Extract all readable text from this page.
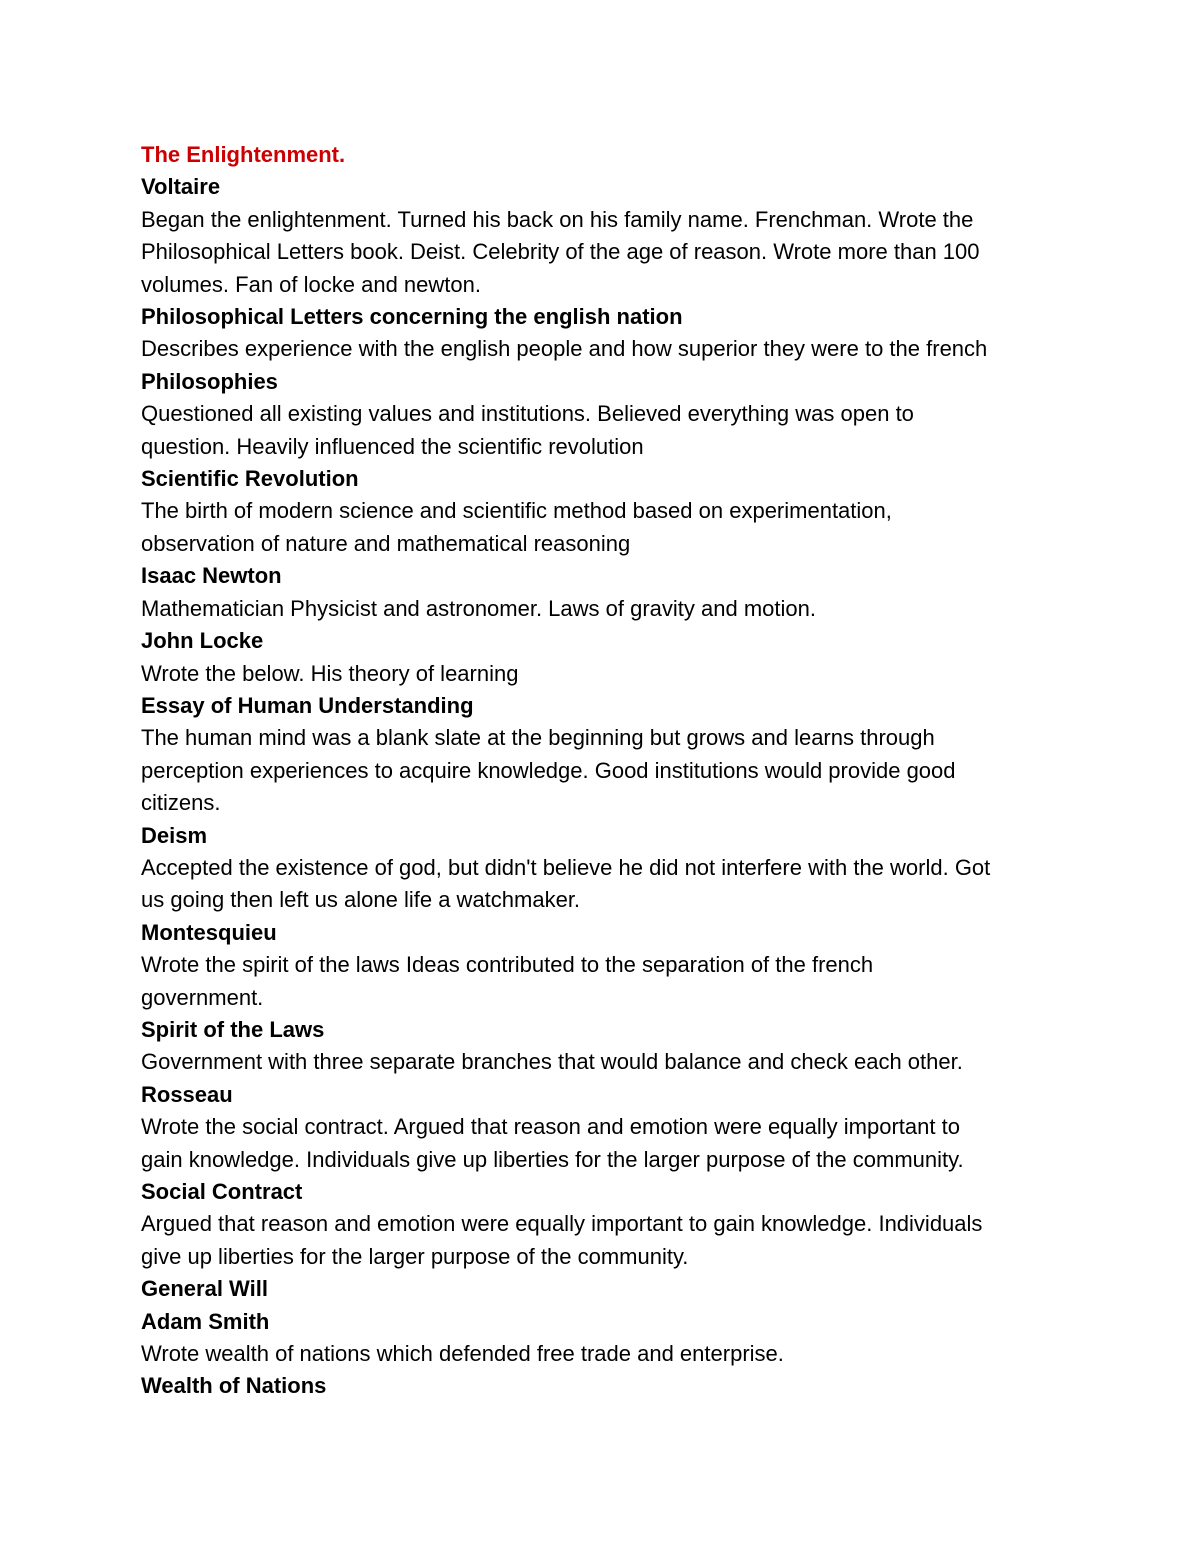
The Enlightenment.

Voltaire

Began the enlightenment. Turned his back on his family name. Frenchman. Wrote the

Philosophical Letters book. Deist. Celebrity of the age of reason. Wrote more than 100

volumes. Fan of locke and newton.

Philosophical Letters concerning the english nation

Describes experience with the english people and how superior they were to the french

Philosophies

Questioned all existing values and institutions. Believed everything was open to

question. Heavily influenced the scientific revolution

Scientific Revolution

The birth of modern science and scientific method based on experimentation,

observation of nature and mathematical reasoning

Isaac Newton

Mathematician Physicist and astronomer. Laws of gravity and motion.

John Locke

Wrote the below. His theory of learning

Essay of Human Understanding

The human mind was a blank slate at the beginning but grows and learns through

perception experiences to acquire knowledge. Good institutions would provide good

citizens.

Deism

Accepted the existence of god, but didn't believe he did not interfere with the world. Got

us going then left us alone life a watchmaker.

Montesquieu

Wrote the spirit of the laws Ideas contributed to the separation of the french

government.

Spirit of the Laws

Government with three separate branches that would balance and check each other.

Rosseau

Wrote the social contract. Argued that reason and emotion were equally important to

gain knowledge. Individuals give up liberties for the larger purpose of the community.

Social Contract

Argued that reason and emotion were equally important to gain knowledge. Individuals

give up liberties for the larger purpose of the community.

General Will

Adam Smith

Wrote wealth of nations which defended free trade and enterprise.

Wealth of Nations
